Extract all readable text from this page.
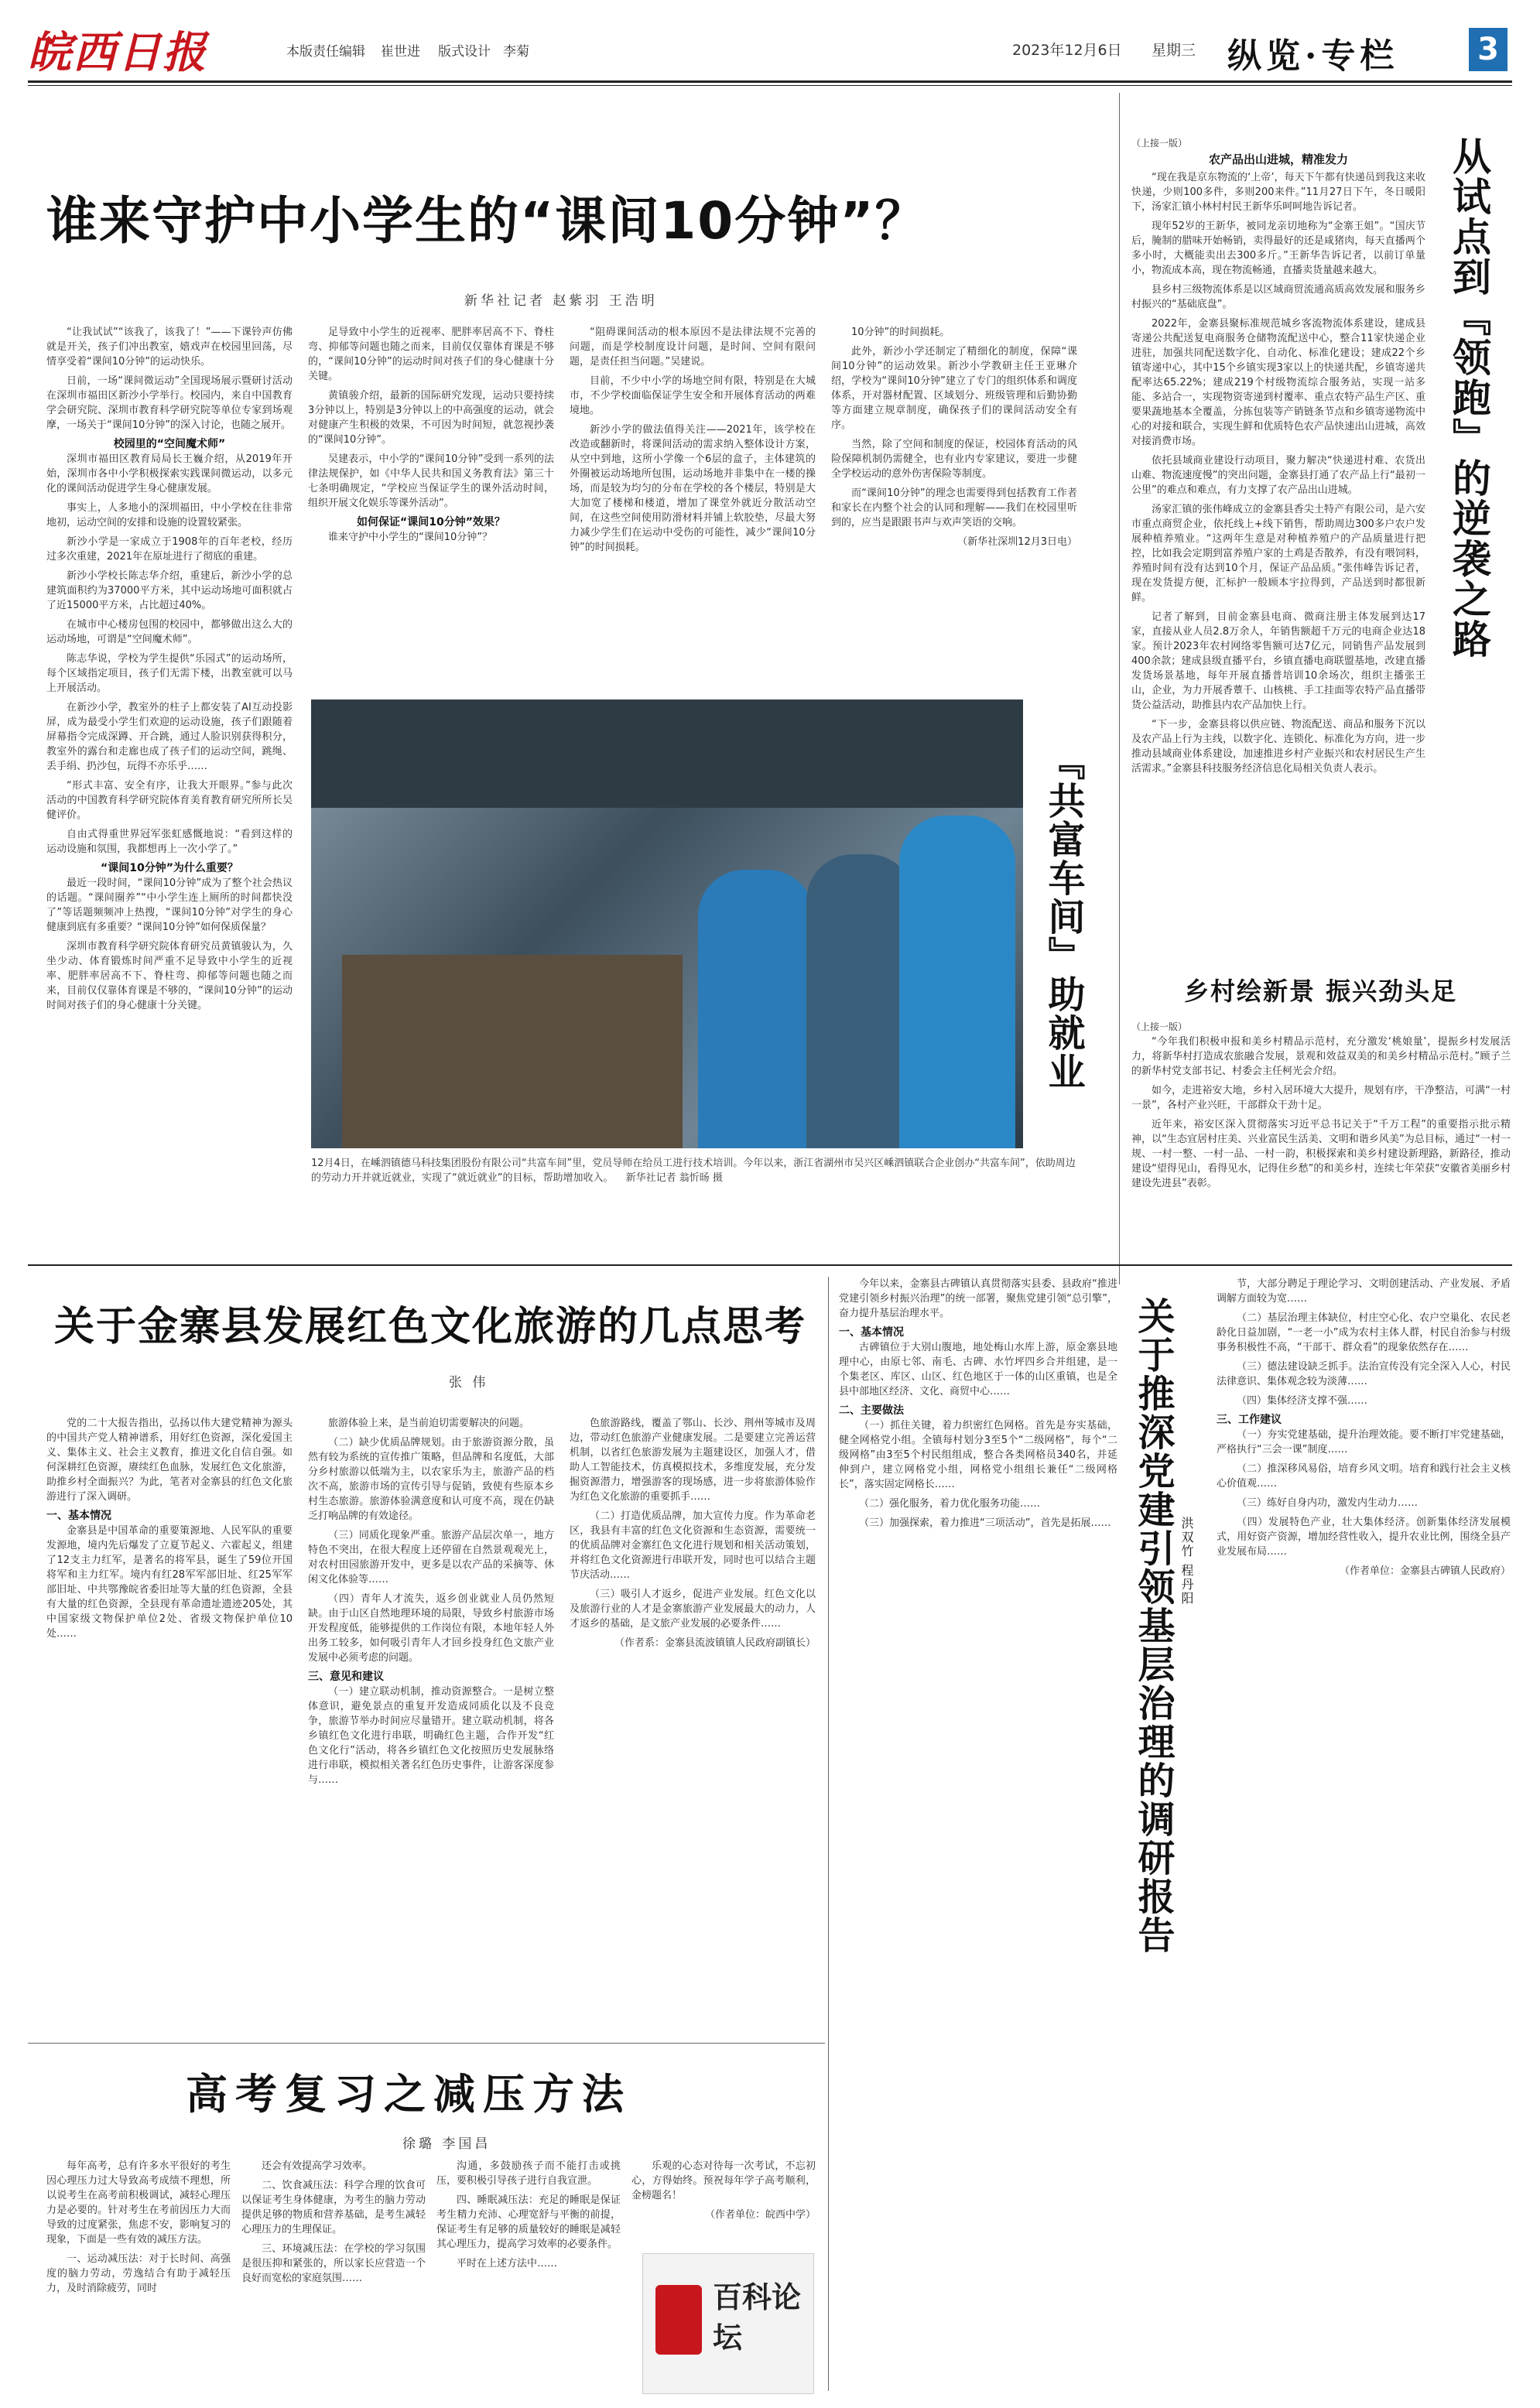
皖西日报	本版责任编辑 崔世进 版式设计 李菊	2023年12月6日 星期三 纵览·专栏	3
谁来守护中小学生的“课间10分钟”？
新华社记者 赵紫羽 王浩明

“让我试试”“该我了，该我了！”——下课铃声仿佛就是开关，孩子们冲出教室，嬉戏声在校园里回荡，尽情享受着“课间10分钟”的运动快乐。

日前，一场“课间微运动”全国现场展示暨研讨活动在深圳市福田区新沙小学举行。校园内，来自中国教育学会研究院、深圳市教育科学研究院等单位专家到场观摩，一场关于“课间10分钟”的深入讨论，也随之展开。

校园里的“空间魔术师”

深圳市福田区教育局局长王巍介绍，从2019年开始，深圳市各中小学积极探索实践课间微运动，以多元化的课间活动促进学生身心健康发展。

事实上，人多地小的深圳福田，中小学校在往非常地初，运动空间的安排和设施的设置较紧张。

新沙小学是一家成立于1908年的百年老校，经历过多次重建，2021年在原址进行了彻底的重建。

新沙小学校长陈志华介绍，重建后，新沙小学的总建筑面积约为37000平方米，其中运动场地可面积就占了近15000平方米，占比超过40%。

在城市中心楼房包围的校园中，都够做出这么大的运动场地，可谓是“空间魔术师”。

陈志华说，学校为学生提供“乐园式”的运动场所，每个区域指定项目，孩子们无需下楼，出教室就可以马上开展活动。

在新沙小学，教室外的柱子上都安装了AI互动投影屏，成为最受小学生们欢迎的运动设施，孩子们跟随着屏幕指令完成深蹲、开合跳，通过人脸识别获得积分，教室外的露台和走廊也成了孩子们的运动空间，跳绳、丢手绢、扔沙包，玩得不亦乐乎……

“形式丰富、安全有序，让我大开眼界。”参与此次活动的中国教育科学研究院体育美育教育研究所所长吴健评价。

自由式得重世界冠军张虹感慨地说：“看到这样的运动设施和氛围，我都想再上一次小学了。”

“课间10分钟”为什么重要？

最近一段时间，“课间10分钟”成为了整个社会热议的话题。“课间圈养”“中小学生连上厕所的时间都快没了”等话题频频冲上热搜，“课间10分钟”对学生的身心健康到底有多重要？“课间10分钟”如何保质保量？

深圳市教育科学研究院体育研究员黄镇骏认为，久坐少动、体育锻炼时间严重不足导致中小学生的近视率、肥胖率居高不下、脊柱弯、抑郁等问题也随之而来，目前仅仅靠体育课是不够的，“课间10分钟”的运动时间对孩子们的身心健康十分关键。

足导致中小学生的近视率、肥胖率居高不下、脊柱弯、抑郁等问题也随之而来，目前仅仅靠体育课是不够的，“课间10分钟”的运动时间对孩子们的身心健康十分关键。

黄镇骏介绍，最新的国际研究发现，运动只要持续3分钟以上，特别是3分钟以上的中高强度的运动，就会对健康产生积极的效果，不可因为时间短，就忽视抄袭的“课间10分钟”。

吴建表示，中小学的“课间10分钟”受到一系列的法律法规保护，如《中华人民共和国义务教育法》第三十七条明确规定，“学校应当保证学生的课外活动时间，组织开展文化娱乐等课外活动”。

如何保证“课间10分钟”效果？

谁来守护中小学生的“课间10分钟”？

“阻碍课间活动的根本原因不是法律法规不完善的问题，而是学校制度设计问题，是时间、空间有限问题，是责任担当问题。”吴建说。

目前，不少中小学的场地空间有限，特别是在大城市，不少学校面临保证学生安全和开展体育活动的两难境地。

新沙小学的做法值得关注——2021年，该学校在改造或翻新时，将课间活动的需求纳入整体设计方案，从空中到地，这所小学像一个6层的盒子，主体建筑的外圈被运动场地所包围，运动场地并非集中在一楼的操场，而是较为均匀的分布在学校的各个楼层，特别是大大加宽了楼梯和楼道，增加了课堂外就近分散活动空间，在这些空间使用防滑材料并铺上软胶垫，尽最大努力减少学生们在运动中受伤的可能性，减少“课间10分钟”的时间损耗。

10分钟”的时间损耗。

此外，新沙小学还制定了精细化的制度，保障“课间10分钟”的运动效果。新沙小学教研主任王亚琳介绍，学校为“课间10分钟”建立了专门的组织体系和调度体系，开对器材配置、区域划分、班级管理和后勤协勤等方面建立规章制度，确保孩子们的课间活动安全有序。

当然，除了空间和制度的保证，校园体育活动的风险保障机制仍需健全，也有业内专家建议，要进一步健全学校运动的意外伤害保险等制度。

而“课间10分钟”的理念也需要得到包括教育工作者和家长在内整个社会的认同和理解——我们在校园里听到的，应当是跟跟书声与欢声笑语的交响。

（新华社深圳12月3日电）
『共富车间』助就业
12月4日，在嵊泗镇德马科技集团股份有限公司“共富车间”里，党员导师在给员工进行技术培训。今年以来，浙江省湖州市吴兴区嵊泗镇联合企业创办“共富车间”，依助周边的劳动力开并就近就业，实现了“就近就业”的目标，帮助增加收入。 新华社记者 翁忻旸 摄
（上接一版）
农产品出山进城，精准发力

“现在我是京东物流的‘上帝’，每天下午都有快递员到我这来收快递，少则100多件，多则200来件。”11月27日下午，冬日暖阳下，汤家汇镇小林村村民王新华乐呵呵地告诉记者。

现年52岁的王新华，被同龙亲切地称为“金寨王姐”。“国庆节后，腌制的腊味开始畅销，卖得最好的还是咸猪肉，每天直播两个多小时，大概能卖出去300多斤。”王新华告诉记者，以前订单量小，物流成本高，现在物流畅通，直播卖货量越来越大。

县乡村三级物流体系是以区域商贸流通高质高效发展和服务乡村振兴的“基础底盘”。

2022年，金寨县聚标准规范城乡客流物流体系建设，建成县寄递公共配送复电商服务仓储物流配送中心，整合11家快递企业进驻，加强共同配送数字化、自动化、标准化建设；建成22个乡镇寄递中心，其中15个乡镇实现3家以上的快递共配，乡镇寄递共配率达65.22%；建成219个村级物流综合服务站，实现一站多能、多站合一，实现物资寄递到村覆率、重点农特产品生产区、重要果蔬地基本全覆盖，分拣包装等产销链条节点和乡镇寄递物流中心的对接和联合，实现生鲜和优质特色农产品快速出山进城，高效对接消费市场。

依托县域商业建设行动项目，聚力解决“快递进村难、农货出山难、物流速度慢”的突出问题，金寨县打通了农产品上行“最初一公里”的难点和难点，有力支撑了农产品出山进城。

汤家汇镇的张伟峰成立的金寨县香尖土特产有限公司，是六安市重点商贸企业，依托线上+线下销售，帮助周边300多户农户发展种植养殖业。“这两年生意是对种植养殖户的产品质量进行把控，比如我会定期到富养殖户家的土鸡是否散养，有没有喂饲料，养殖时间有没有达到10个月，保证产品品质。”张伟峰告诉记者，现在发货提方便，汇标护一般顾本宇拉得到，产品送到时都很新鲜。

记者了解到，目前金寨县电商、微商注册主体发展到达17家，直接从业人员2.8万余人，年销售额超千万元的电商企业达18家。预计2023年农村网络零售额可达7亿元，同销售产品发展到400余款；建成县级直播平台，乡镇直播电商联盟基地，改建直播发货场景基地，每年开展直播普培训10余场次，组织主播张王山，企业，为力开展香蕈千、山核桃、手工挂面等农特产品直播带货公益活动，助推县内农产品加快上行。

“下一步，金寨县将以供应链、物流配送、商品和服务下沉以及农产品上行为主线，以数字化、连锁化、标准化为方向，进一步推动县域商业体系建设，加速推进乡村产业振兴和农村居民生产生活需求。”金寨县科技服务经济信息化局相关负责人表示。

从试点到『领跑』的逆袭之路
乡村绘新景 振兴劲头足
（上接一版）

“今年我们积极申报和美乡村精品示范村，充分激发‘桃娘量’，提振乡村发展活力，将新华村打造成农旅融合发展，景观和效益双美的和美乡村精品示范村。”顾子兰的新华村党支部书记、村委会主任柯光会介绍。

如今，走进裕安大地，乡村入居环境大大提升，规划有序，干净整洁，可满“一村一景”，各村产业兴旺，干部群众干劲十足。

近年来，裕安区深入贯彻落实习近平总书记关于“千万工程”的重要指示批示精神，以“生态宜居村庄美、兴业富民生活美、文明和谐乡风美”为总目标，通过“一村一规、一村一整、一村一品、一村一韵，积极探索和美乡村建设新理路，新路径，推动建设“望得见山，看得见水，记得住乡愁”的和美乡村，连续七年荣获“安徽省美丽乡村建设先进县”表彰。

关于金寨县发展红色文化旅游的几点思考
张 伟

党的二十大报告指出，弘扬以伟大建党精神为源头的中国共产党人精神谱系，用好红色资源，深化爱国主义、集体主义、社会主义教育，推进文化自信自强。如何深耕红色资源，赓续红色血脉，发展红色文化旅游，助推乡村全面振兴？为此，笔者对金寨县的红色文化旅游进行了深入调研。

一、基本情况

金寨县是中国革命的重要策源地、人民军队的重要发源地，境内先后爆发了立夏节起义、六霍起义，组建了12支主力红军，是著名的将军县，诞生了59位开国将军和主力红军。境内有红28军军部旧址、红25军军部旧址、中共鄂豫皖省委旧址等大量的红色资源，全县有大量的红色资源，全县现有革命遗址遗迹205处，其中国家级文物保护单位2处、省级文物保护单位10处……

旅游体验上来，是当前迫切需要解决的问题。

（二）缺少优质品牌规划。由于旅游资源分散，虽然有较为系统的宣传推广策略，但品牌和名度低，大部分乡村旅游以低端为主，以农家乐为主，旅游产品的档次不高，旅游市场的宣传引导与促销，致使有些原本乡村生态旅游。旅游体验满意度和认可度不高，现在仍缺乏打响品牌的有效途径。

（三）同质化现象严重。旅游产品层次单一，地方特色不突出，在很大程度上还停留在自然景观观光上，对农村田园旅游开发中，更多是以农产品的采摘等、休闲文化体验等……

（四）青年人才流失，返乡创业就业人员仍然短缺。由于山区自然地理环境的局限，导致乡村旅游市场开发程度低，能够提供的工作岗位有限，本地年轻人外出务工较多，如何吸引青年人才回乡投身红色文旅产业发展中必须考虑的问题。

三、意见和建议

（一）建立联动机制，推动资源整合。一是树立整体意识，避免景点的重复开发造成同质化以及不良竞争，旅游节举办时间应尽量错开。建立联动机制，将各乡镇红色文化进行串联，明确红色主题，合作开发“红色文化行”活动，将各乡镇红色文化按照历史发展脉络进行串联，模拟相关著名红色历史事件，让游客深度参与……

色旅游路线，覆盖了鄂山、长沙、荆州等城市及周边，带动红色旅游产业健康发展。二是要建立完善运营机制，以省红色旅游发展为主题建设区，加强人才，借助人工智能技术，仿真模拟技术，多维度发展，充分发掘资源潜力，增强游客的现场感，进一步将旅游体验作为红色文化旅游的重要抓手……

（二）打造优质品牌，加大宣传力度。作为革命老区，我县有丰富的红色文化资源和生态资源，需要统一的优质品牌对金寨红色文化进行规划和相关活动策划，并将红色文化资源进行串联开发，同时也可以结合主题节庆活动……

（三）吸引人才返乡，促进产业发展。红色文化以及旅游行业的人才是金寨旅游产业发展最大的动力，人才返乡的基础，是文旅产业发展的必要条件……

（作者系：金寨县流波镇镇人民政府副镇长）

今年以来，金寨县古碑镇认真贯彻落实县委、县政府“推进党建引领乡村振兴治理”的统一部署，聚焦党建引领“总引擎”，奋力提升基层治理水平。

一、基本情况

古碑镇位于大别山腹地，地处梅山水库上游，原金寨县地理中心，由原七邻、南毛、古碑、水竹坪四乡合并组建，是一个集老区、库区、山区、红色地区于一体的山区重镇，也是全县中部地区经济、文化、商贸中心……

二、主要做法

（一）抓住关键，着力织密红色网格。首先是夯实基础，健全网格党小组。全镇每村划分3至5个“二级网格”，每个“二级网格”由3至5个村民组组成，整合各类网格员340名，并延伸到户，建立网格党小组，网格党小组组长兼任“二级网格长”，落实固定网格长……

（二）强化服务，着力优化服务功能……

（三）加强探索，着力推进“三项活动”，首先是拓展…… 关于推深党建引领基层治理的调研报告 洪双竹 程丹阳

节，大部分聘足于理论学习、文明创建活动、产业发展、矛盾调解方面较为宽……

（二）基层治理主体缺位，村庄空心化、农户空巢化、农民老龄化日益加剧，“一老一小”成为农村主体人群，村民自治参与村级事务积极性不高，“干部干、群众看”的现象依然存在……

（三）德法建设缺乏抓手。法治宣传没有完全深入人心，村民法律意识、集体观念较为淡薄……

（四）集体经济支撑不强……

三、工作建议

（一）夯实党建基础，提升治理效能。要不断打牢党建基础，严格执行“三会一课”制度……

（二）推深移风易俗，培育乡风文明。培育和践行社会主义核心价值观……

（三）练好自身内功，激发内生动力……

（四）发展特色产业，壮大集体经济。创新集体经济发展模式，用好资产资源，增加经营性收入，提升农业比例，围绕全县产业发展布局……

（作者单位：金寨县古碑镇人民政府）
高考复习之减压方法
徐璐 李国昌

每年高考，总有许多水平很好的考生因心理压力过大导致高考成绩不理想，所以说考生在高考前积极调试，减轻心理压力是必要的。针对考生在考前因压力大而导致的过度紧张，焦虑不安，影响复习的现象，下面是一些有效的减压方法。

一、运动减压法：对于长时间、高强度的脑力劳动，劳逸结合有助于减轻压力，及时消除疲劳，同时

还会有效提高学习效率。

二、饮食减压法：科学合理的饮食可以保证考生身体健康，为考生的脑力劳动提供足够的物质和营养基础，是考生减轻心理压力的生理保证。

三、环境减压法：在学校的学习氛围是很压抑和紧张的，所以家长应营造一个良好而宽松的家庭氛围……

沟通，多鼓励孩子而不能打击或挑压，要积极引导孩子进行自我宣泄。

四、睡眠减压法：充足的睡眠是保证考生精力充沛、心理宽舒与平衡的前提，保证考生有足够的质量较好的睡眠是减轻其心理压力，提高学习效率的必要条件。

平时在上述方法中……

乐观的心态对待每一次考试，不忘初心，方得始终。预祝每年学子高考顺利，金榜题名！

（作者单位：皖西中学）
百科论坛
